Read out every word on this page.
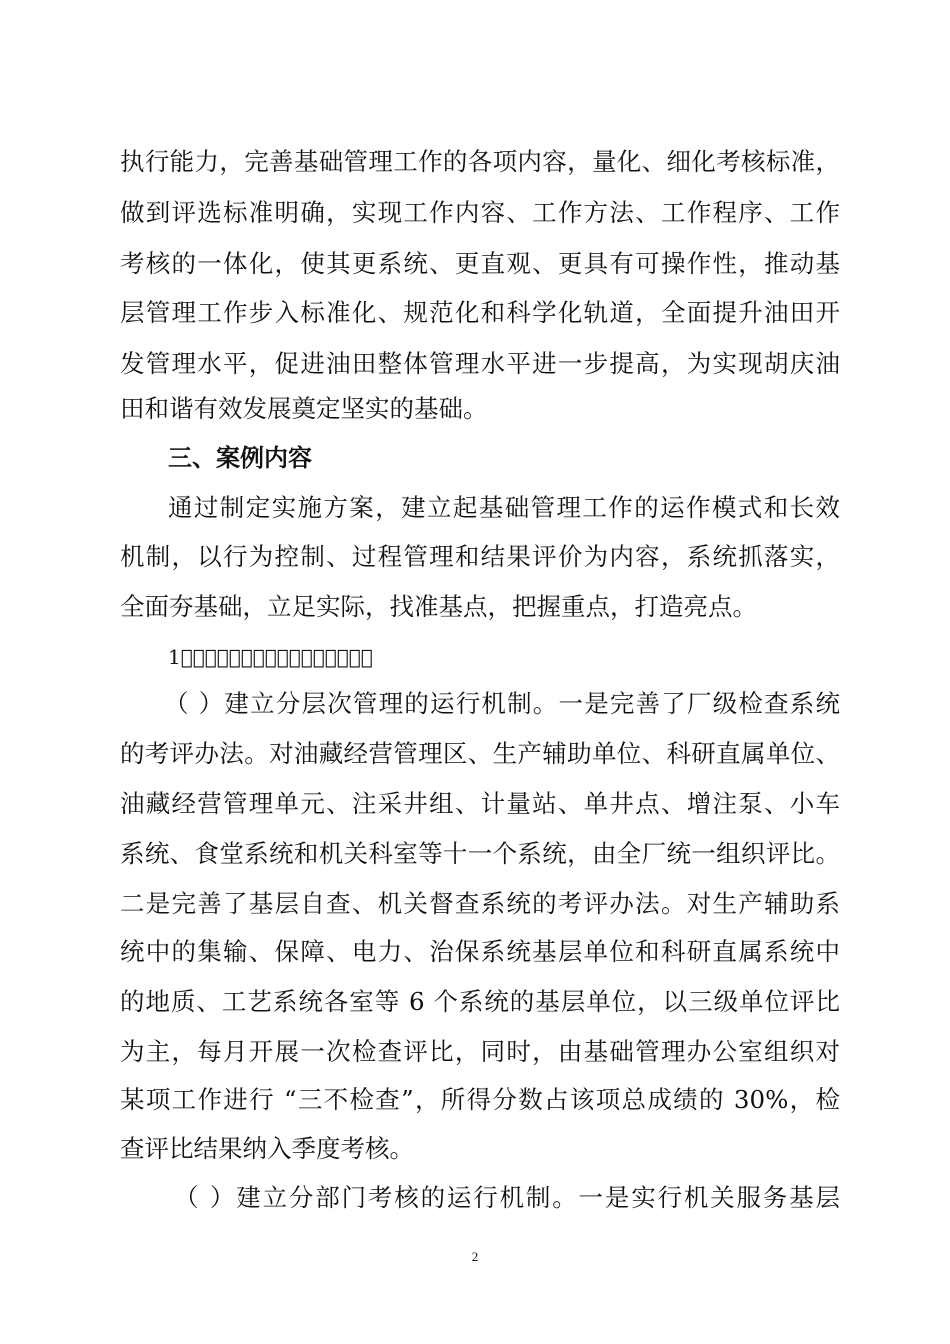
执行能力，完善基础管理工作的各项内容，量化、细化考核标准，
做到评选标准明确，实现工作内容、工作方法、工作程序、工作
考核的一体化，使其更系统、更直观、更具有可操作性，推动基
层管理工作步入标准化、规范化和科学化轨道，全面提升油田开
发管理水平，促进油田整体管理水平进一步提高，为实现胡庆油
田和谐有效发展奠定坚实的基础。
三、案例内容
通过制定实施方案，建立起基础管理工作的运作模式和长效
机制，以行为控制、过程管理和结果评价为内容，系统抓落实，
全面夯基础，立足实际，找准基点，把握重点，打造亮点。
1                
（ ）建立分层次管理的运行机制。一是完善了厂级检查系统
的考评办法。对油藏经营管理区、生产辅助单位、科研直属单位、
油藏经营管理单元、注采井组、计量站、单井点、增注泵、小车
系统、食堂系统和机关科室等十一个系统，由全厂统一组织评比。
二是完善了基层自查、机关督查系统的考评办法。对生产辅助系
统中的集输、保障、电力、治保系统基层单位和科研直属系统中
的地质、工艺系统各室等 6 个系统的基层单位，以三级单位评比
为主，每月开展一次检查评比，同时，由基础管理办公室组织对
某项工作进行 “三不检查”，所得分数占该项总成绩的 30%，检
查评比结果纳入季度考核。
（ ）建立分部门考核的运行机制。一是实行机关服务基层
2
